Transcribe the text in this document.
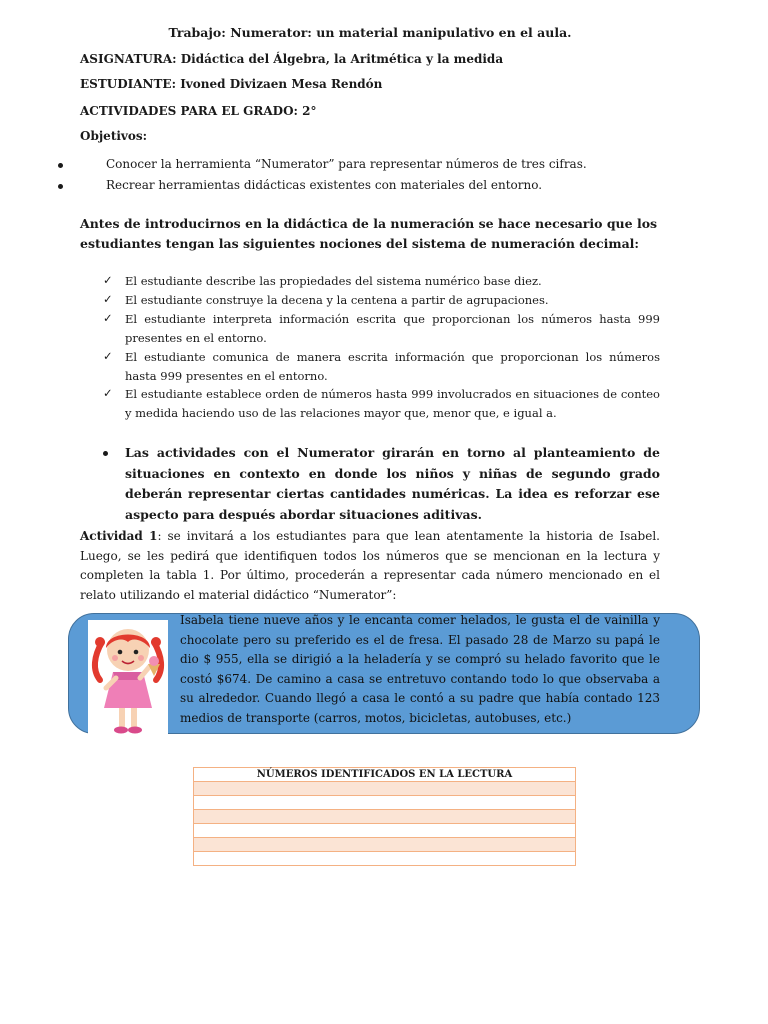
Trabajo: Numerator: un material manipulativo en el aula.
ASIGNATURA: Didáctica del Álgebra, la Aritmética y la medida
ESTUDIANTE: Ivoned Divizaen Mesa Rendón
ACTIVIDADES PARA EL GRADO: 2°
Objetivos:
Conocer la herramienta “Numerator” para representar números de tres cifras.
Recrear herramientas didácticas existentes con materiales del entorno.
Antes de introducirnos en la didáctica de la numeración se hace necesario que los estudiantes tengan las siguientes nociones del sistema de numeración decimal:
✓ El estudiante describe las propiedades del sistema numérico base diez.
✓ El estudiante construye la decena y la centena a partir de agrupaciones.
✓ El estudiante interpreta información escrita que proporcionan los números hasta 999 presentes en el entorno.
✓ El estudiante comunica de manera escrita información que proporcionan los números hasta 999 presentes en el entorno.
✓ El estudiante establece orden de números hasta 999 involucrados en situaciones de conteo y medida haciendo uso de las relaciones mayor que, menor que, e igual a.
Las actividades con el Numerator girarán en torno al planteamiento de situaciones en contexto en donde los niños y niñas de segundo grado deberán representar ciertas cantidades numéricas. La idea es reforzar ese aspecto para después abordar situaciones aditivas.
Actividad 1: se invitará a los estudiantes para que lean atentamente la historia de Isabel. Luego, se les pedirá que identifiquen todos los números que se mencionan en la lectura y completen la tabla 1. Por último, procederán a representar cada número mencionado en el relato utilizando el material didáctico “Numerator”:
Isabela tiene nueve años y le encanta comer helados, le gusta el de vainilla y chocolate pero su preferido es el de fresa. El pasado 28 de Marzo su papá le dio $ 955, ella se dirigió a la heladería y se compró su helado favorito que le costó $674. De camino a casa se entretuvo contando todo lo que observaba a su alrededor. Cuando llegó a casa le contó a su padre que había contado 123 medios de transporte (carros, motos, bicicletas, autobuses, etc.)
NÚMEROS IDENTIFICADOS EN LA LECTURA
